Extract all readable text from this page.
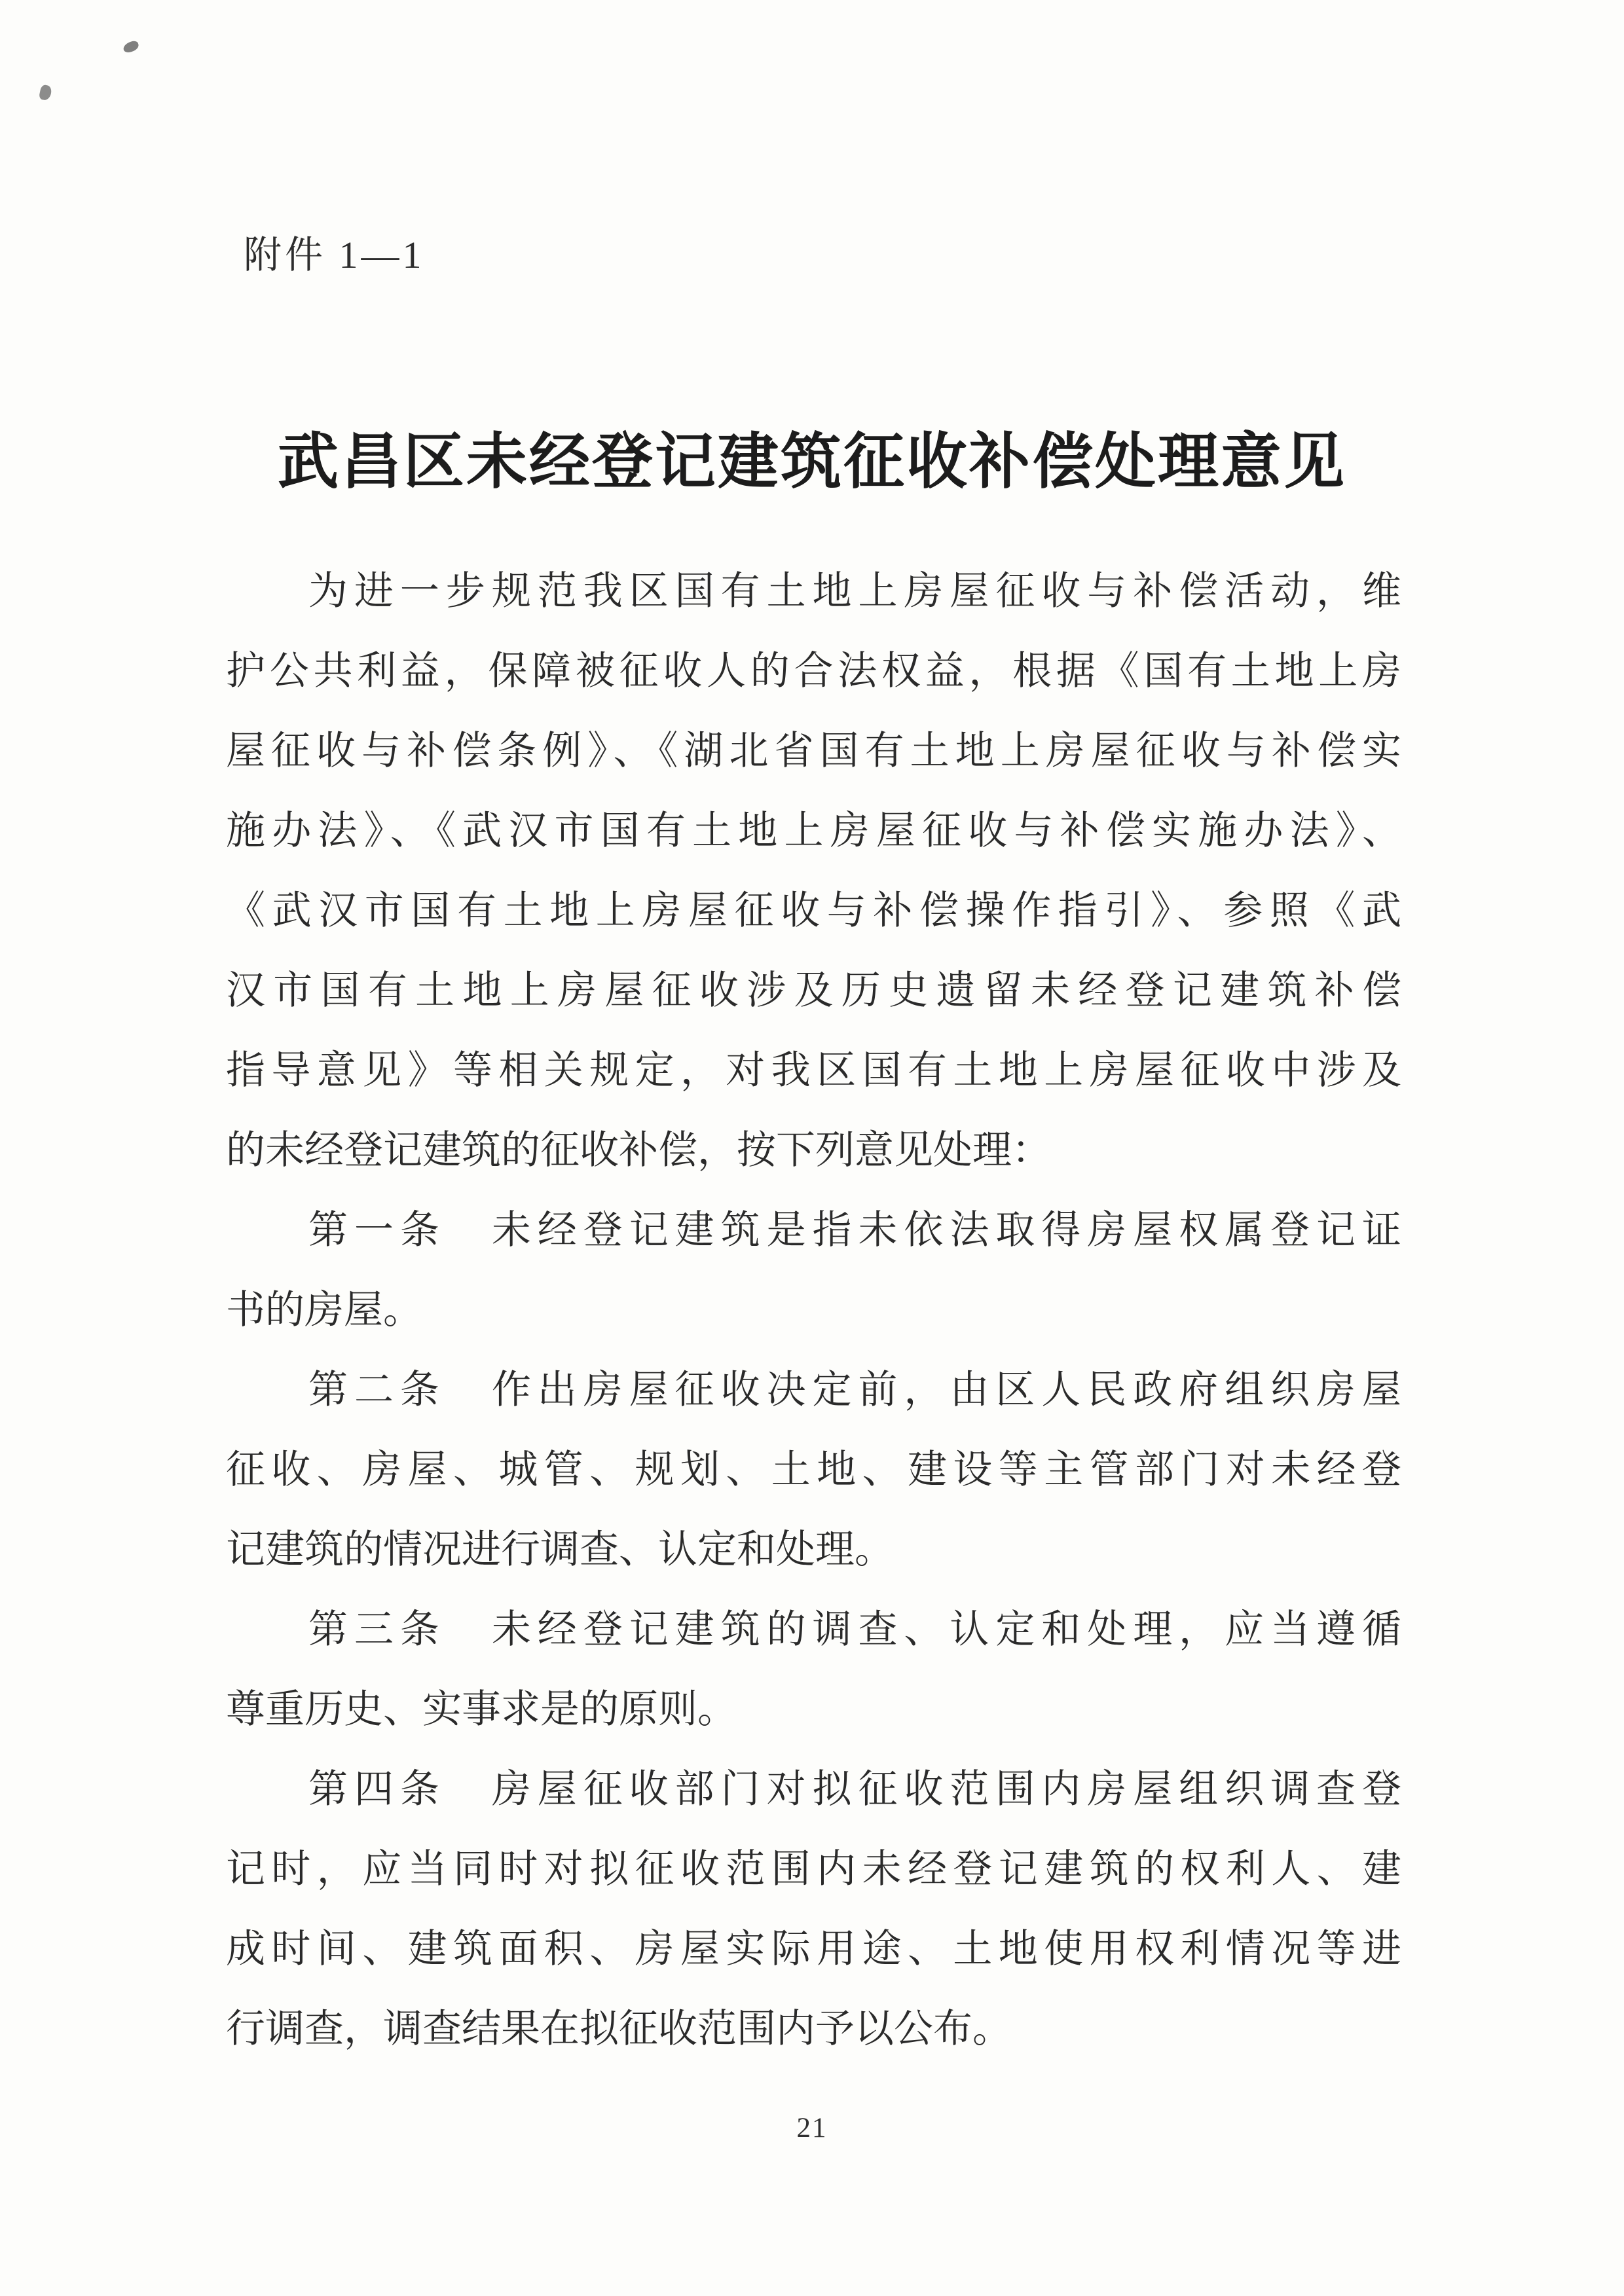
附件 1—1
武昌区未经登记建筑征收补偿处理意见
为进一步规范我区国有土地上房屋征收与补偿活动，维
护公共利益，保障被征收人的合法权益，根据《国有土地上房
屋征收与补偿条例》、《湖北省国有土地上房屋征收与补偿实
施办法》、《武汉市国有土地上房屋征收与补偿实施办法》、
《武汉市国有土地上房屋征收与补偿操作指引》、参照《武
汉市国有土地上房屋征收涉及历史遗留未经登记建筑补偿
指导意见》等相关规定，对我区国有土地上房屋征收中涉及
的未经登记建筑的征收补偿，按下列意见处理：
第一条　未经登记建筑是指未依法取得房屋权属登记证
书的房屋。
第二条　作出房屋征收决定前，由区人民政府组织房屋
征收、房屋、城管、规划、土地、建设等主管部门对未经登
记建筑的情况进行调查、认定和处理。
第三条　未经登记建筑的调查、认定和处理，应当遵循
尊重历史、实事求是的原则。
第四条　房屋征收部门对拟征收范围内房屋组织调查登
记时，应当同时对拟征收范围内未经登记建筑的权利人、建
成时间、建筑面积、房屋实际用途、土地使用权利情况等进
行调查，调查结果在拟征收范围内予以公布。
21
